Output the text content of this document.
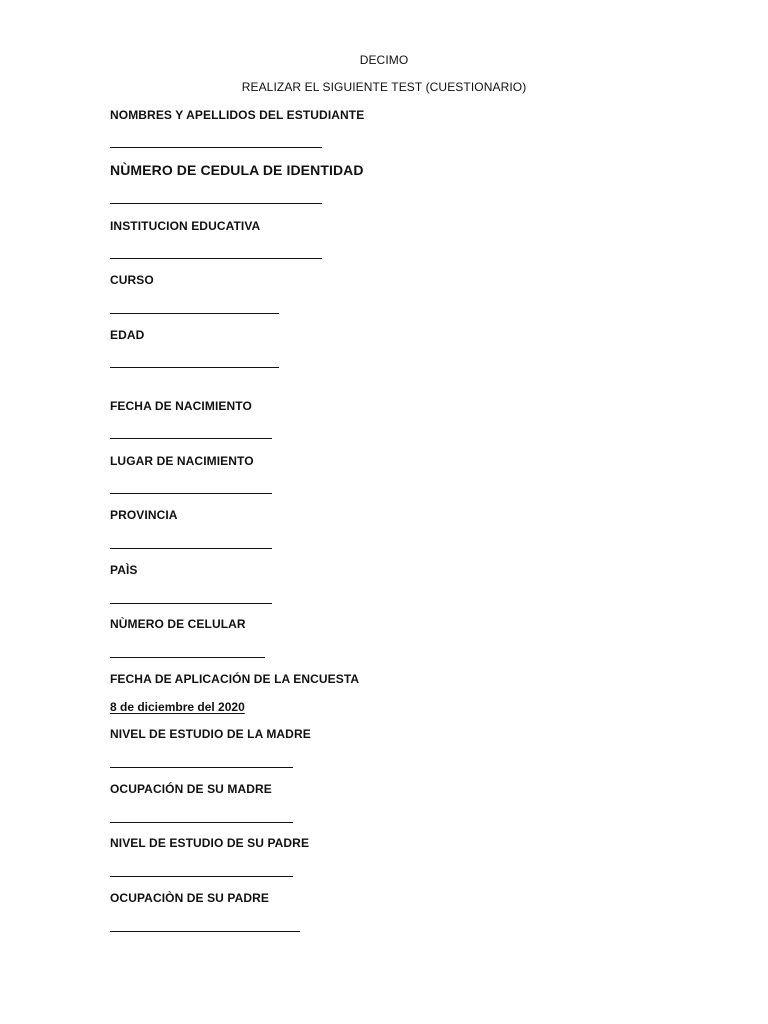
DECIMO
REALIZAR EL SIGUIENTE TEST (CUESTIONARIO)
NOMBRES Y APELLIDOS DEL ESTUDIANTE
NÙMERO DE CEDULA DE IDENTIDAD
INSTITUCION EDUCATIVA
CURSO
EDAD
FECHA DE NACIMIENTO
LUGAR DE NACIMIENTO
PROVINCIA
PAÌS
NÙMERO DE CELULAR
FECHA DE APLICACIÓN DE LA ENCUESTA
8 de diciembre del 2020
NIVEL DE ESTUDIO DE LA MADRE
OCUPACIÓN DE SU MADRE
NIVEL DE ESTUDIO DE SU PADRE
OCUPACIÒN DE SU PADRE
